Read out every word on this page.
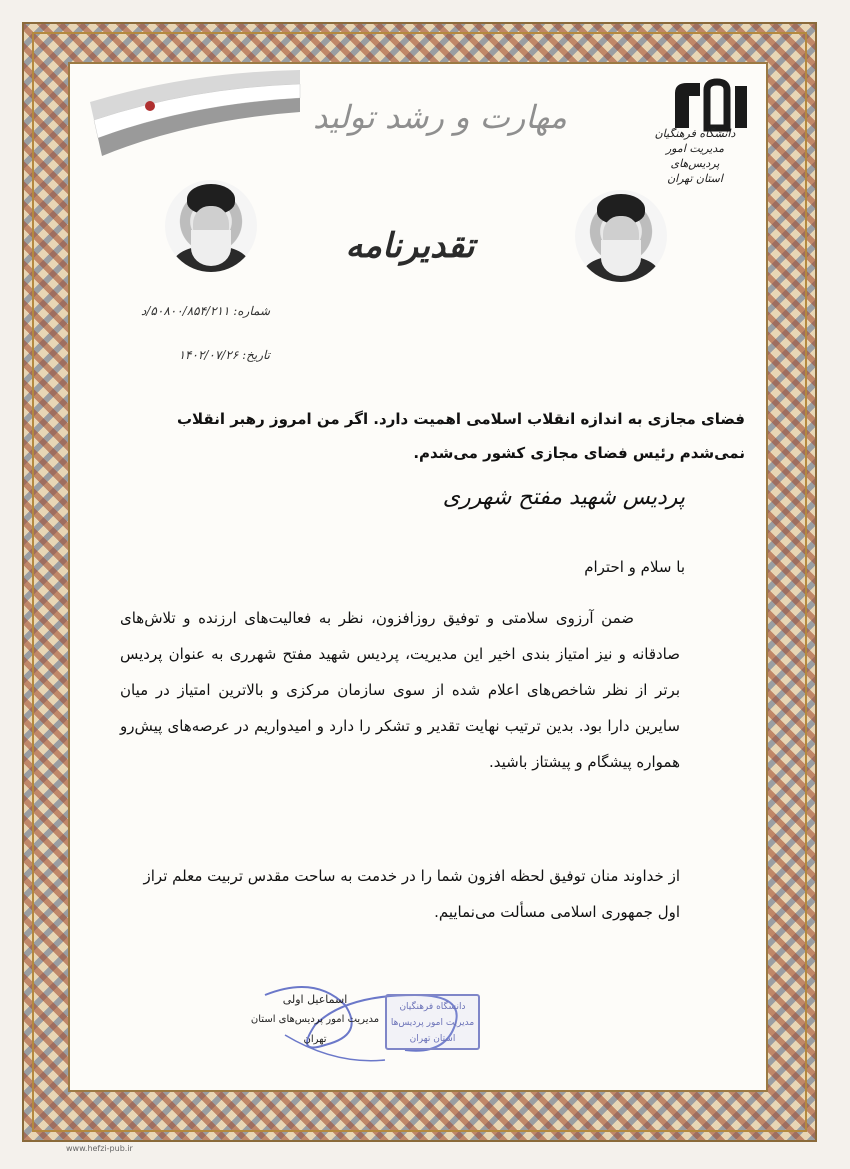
مهارت و رشد تولید	دانشگاه فرهنگیان
مدیریت امور پردیس‌های
استان تهران
تقدیرنامه
شماره: ۵۰۸۰۰/۸۵۴/۲۱۱/د
تاریخ: ۱۴۰۲/۰۷/۲۶
فضای مجازی به اندازه انقلاب اسلامی اهمیت دارد. اگر من امروز رهبر انقلاب نمی‌شدم رئیس فضای مجازی کشور می‌شدم.
پردیس شهید مفتح شهرری
با سلام و احترام

ضمن آرزوی سلامتی و توفیق روزافزون، نظر به فعالیت‌های ارزنده و تلاش‌های صادقانه و نیز امتیاز بندی اخیر این مدیریت، پردیس شهید مفتح شهرری به عنوان پردیس برتر از نظر شاخص‌های اعلام شده از سوی سازمان مرکزی و بالاترین امتیاز در میان سایرین دارا بود. بدین ترتیب نهایت تقدیر و تشکر را دارد و امیدواریم در عرصه‌های پیش‌رو همواره پیشگام و پیشتاز باشید.

از خداوند منان توفیق لحظه افزون شما را در خدمت به ساحت مقدس تربیت معلم تراز اول جمهوری اسلامی مسألت می‌نماییم.

دانشگاه فرهنگیان
مدیریت امور پردیس‌ها
استان تهران
اسماعیل اولی
مدیریت امور پردیس‌های استان تهران
www.hefzi-pub.ir
